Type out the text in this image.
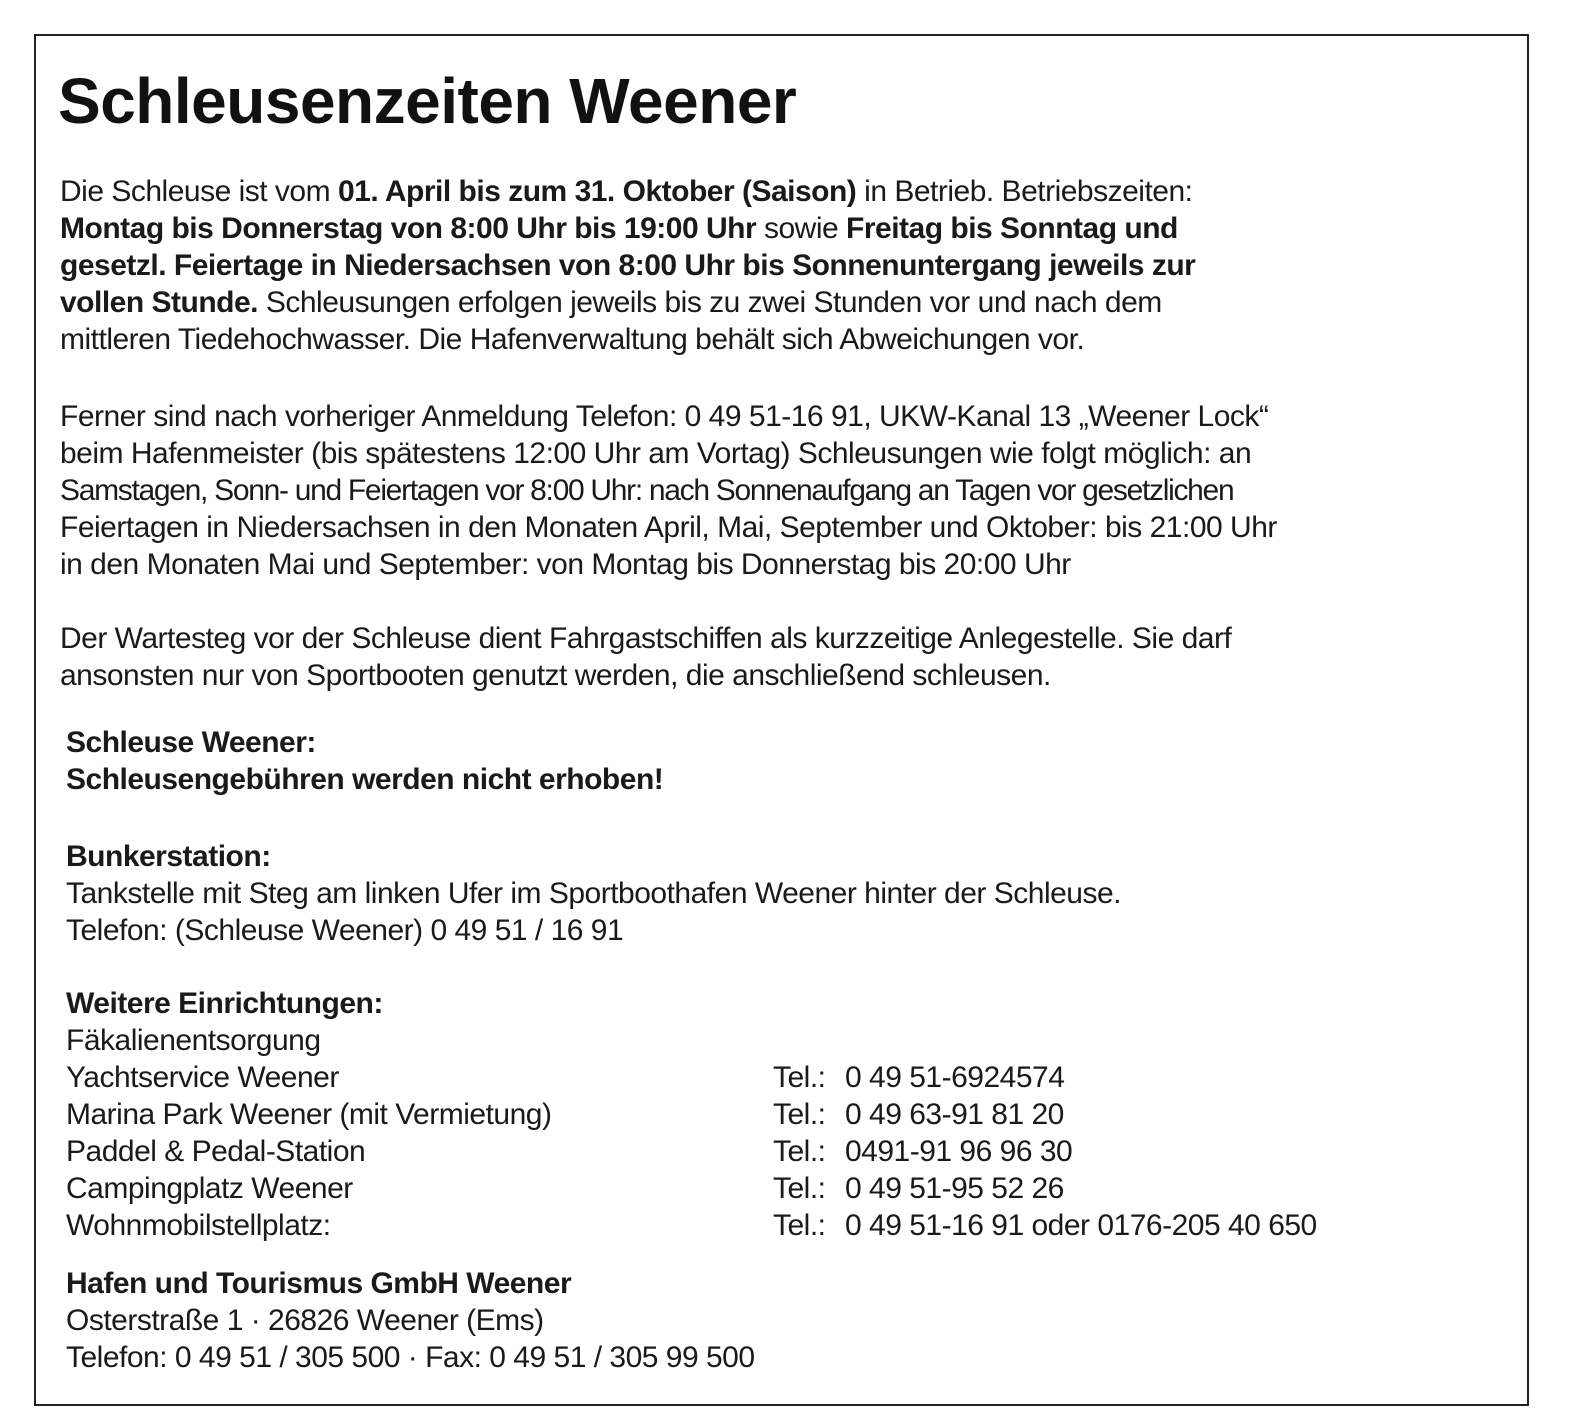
Schleusenzeiten Weener

Die Schleuse ist vom 01. April bis zum 31. Oktober (Saison) in Betrieb. Betriebszeiten:
Montag bis Donnerstag von 8:00 Uhr bis 19:00 Uhr sowie Freitag bis Sonntag und
gesetzl. Feiertage in Niedersachsen von 8:00 Uhr bis Sonnenuntergang jeweils zur
vollen Stunde. Schleusungen erfolgen jeweils bis zu zwei Stunden vor und nach dem
mittleren Tiedehochwasser. Die Hafenverwaltung behält sich Abweichungen vor.

Ferner sind nach vorheriger Anmeldung Telefon: 0 49 51-16 91, UKW-Kanal 13 „Weener Lock“
beim Hafenmeister (bis spätestens 12:00 Uhr am Vortag) Schleusungen wie folgt möglich: an
Samstagen, Sonn- und Feiertagen vor 8:00 Uhr: nach Sonnenaufgang an Tagen vor gesetzlichen
Feiertagen in Niedersachsen in den Monaten April, Mai, September und Oktober: bis 21:00 Uhr
in den Monaten Mai und September: von Montag bis Donnerstag bis 20:00 Uhr

Der Wartesteg vor der Schleuse dient Fahrgastschiffen als kurzzeitige Anlegestelle. Sie darf
ansonsten nur von Sportbooten genutzt werden, die anschließend schleusen.

Schleuse Weener:
Schleusengebühren werden nicht erhoben!
Bunkerstation:
Tankstelle mit Steg am linken Ufer im Sportboothafen Weener hinter der Schleuse.
Telefon: (Schleuse Weener) 0 49 51 / 16 91
Weitere Einrichtungen:
Fäkalienentsorgung
Yachtservice Weener	Tel.: 0 49 51-6924574
Marina Park Weener (mit Vermietung)	Tel.: 0 49 63-91 81 20
Paddel & Pedal-Station	Tel.: 0491-91 96 96 30
Campingplatz Weener	Tel.: 0 49 51-95 52 26
Wohnmobilstellplatz:	Tel.: 0 49 51-16 91 oder 0176-205 40 650
Hafen und Tourismus GmbH Weener
Osterstraße 1 · 26826 Weener (Ems)
Telefon: 0 49 51 / 305 500 · Fax: 0 49 51 / 305 99 500
